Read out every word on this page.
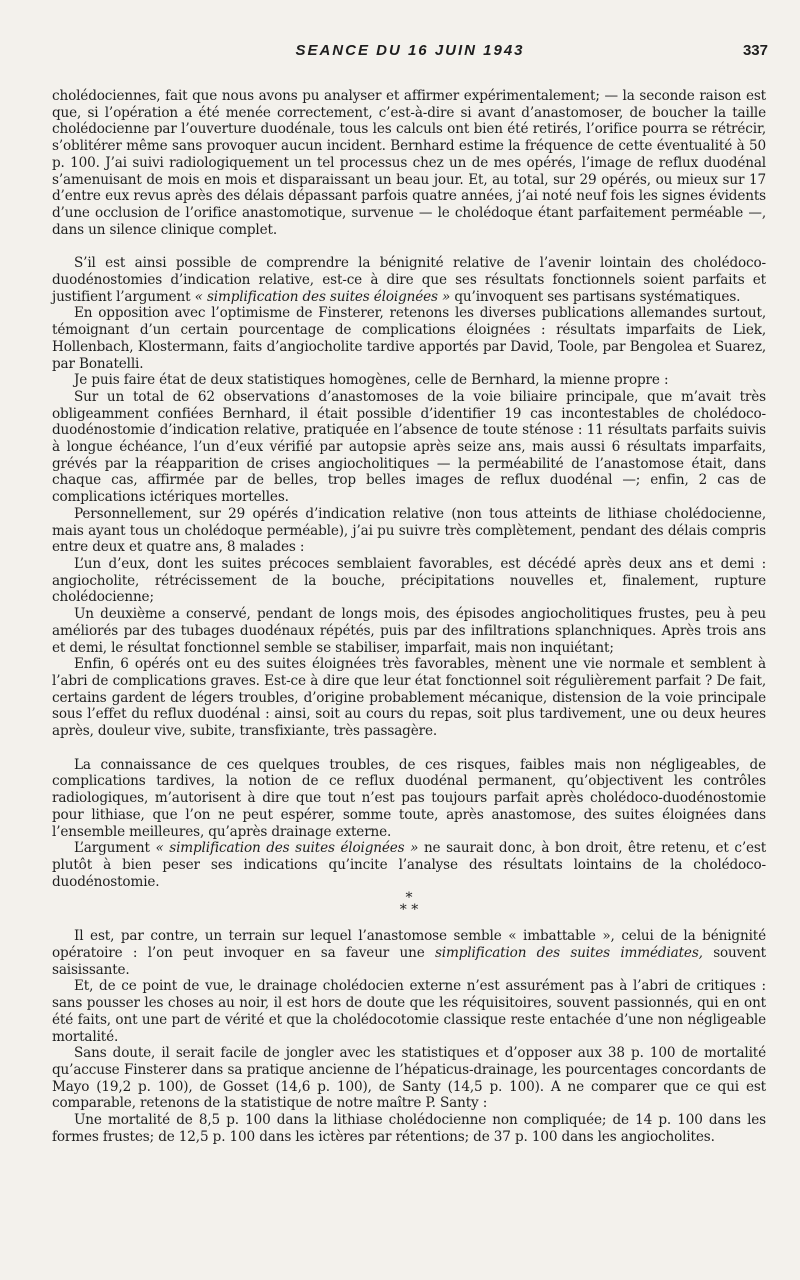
SEANCE DU 16 JUIN 1943	337

cholédociennes, fait que nous avons pu analyser et affirmer expérimentalement; — la seconde raison est que, si l’opération a été menée correctement, c’est-à-dire si avant d’anastomoser, de boucher la taille cholédocienne par l’ouverture duodénale, tous les calculs ont bien été retirés, l’orifice pourra se rétrécir, s’oblitérer même sans provoquer aucun incident. Bernhard estime la fréquence de cette éventualité à 50 p. 100. J’ai suivi radiologiquement un tel processus chez un de mes opérés, l’image de reflux duodénal s’amenuisant de mois en mois et disparaissant un beau jour. Et, au total, sur 29 opérés, ou mieux sur 17 d’entre eux revus après des délais dépassant parfois quatre années, j’ai noté neuf fois les signes évidents d’une occlusion de l’orifice anastomotique, survenue — le cholédoque étant parfaitement perméable —, dans un silence clinique complet.

S’il est ainsi possible de comprendre la bénignité relative de l’avenir lointain des cholédoco-duodénostomies d’indication relative, est-ce à dire que ses résultats fonctionnels soient parfaits et justifient l’argument « simplification des suites éloignées » qu’invoquent ses partisans systématiques.

En opposition avec l’optimisme de Finsterer, retenons les diverses publications allemandes surtout, témoignant d’un certain pourcentage de complications éloignées : résultats imparfaits de Liek, Hollenbach, Klostermann, faits d’angiocholite tardive apportés par David, Toole, par Bengolea et Suarez, par Bonatelli.

Je puis faire état de deux statistiques homogènes, celle de Bernhard, la mienne propre :

Sur un total de 62 observations d’anastomoses de la voie biliaire principale, que m’avait très obligeamment confiées Bernhard, il était possible d’identifier 19 cas incontestables de cholédoco-duodénostomie d’indication relative, pratiquée en l’absence de toute sténose : 11 résultats parfaits suivis à longue échéance, l’un d’eux vérifié par autopsie après seize ans, mais aussi 6 résultats imparfaits, grévés par la réapparition de crises angiocholitiques — la perméabilité de l’anastomose était, dans chaque cas, affirmée par de belles, trop belles images de reflux duodénal —; enfin, 2 cas de complications ictériques mortelles.

Personnellement, sur 29 opérés d’indication relative (non tous atteints de lithiase cholédocienne, mais ayant tous un cholédoque perméable), j’ai pu suivre très complètement, pendant des délais compris entre deux et quatre ans, 8 malades :

L’un d’eux, dont les suites précoces semblaient favorables, est décédé après deux ans et demi : angiocholite, rétrécissement de la bouche, précipitations nouvelles et, finalement, rupture cholédocienne;

Un deuxième a conservé, pendant de longs mois, des épisodes angiocholitiques frustes, peu à peu améliorés par des tubages duodénaux répétés, puis par des infiltrations splanchniques. Après trois ans et demi, le résultat fonctionnel semble se stabiliser, imparfait, mais non inquiétant;

Enfin, 6 opérés ont eu des suites éloignées très favorables, mènent une vie normale et semblent à l’abri de complications graves. Est-ce à dire que leur état fonctionnel soit régulièrement parfait ? De fait, certains gardent de légers troubles, d’origine probablement mécanique, distension de la voie principale sous l’effet du reflux duodénal : ainsi, soit au cours du repas, soit plus tardivement, une ou deux heures après, douleur vive, subite, transfixiante, très passagère.

La connaissance de ces quelques troubles, de ces risques, faibles mais non négligeables, de complications tardives, la notion de ce reflux duodénal permanent, qu’objectivent les contrôles radiologiques, m’autorisent à dire que tout n’est pas toujours parfait après cholédoco-duodénostomie pour lithiase, que l’on ne peut espérer, somme toute, après anastomose, des suites éloignées dans l’ensemble meilleures, qu’après drainage externe.

L’argument « simplification des suites éloignées » ne saurait donc, à bon droit, être retenu, et c’est plutôt à bien peser ses indications qu’incite l’analyse des résultats lointains de la cholédoco-duodénostomie.

*
* *

Il est, par contre, un terrain sur lequel l’anastomose semble « imbattable », celui de la bénignité opératoire : l’on peut invoquer en sa faveur une simplification des suites immédiates, souvent saisissante.

Et, de ce point de vue, le drainage cholédocien externe n’est assurément pas à l’abri de critiques : sans pousser les choses au noir, il est hors de doute que les réquisitoires, souvent passionnés, qui en ont été faits, ont une part de vérité et que la cholédocotomie classique reste entachée d’une non négligeable mortalité.

Sans doute, il serait facile de jongler avec les statistiques et d’opposer aux 38 p. 100 de mortalité qu’accuse Finsterer dans sa pratique ancienne de l’hépaticus-drainage, les pourcentages concordants de Mayo (19,2 p. 100), de Gosset (14,6 p. 100), de Santy (14,5 p. 100). A ne comparer que ce qui est comparable, retenons de la statistique de notre maître P. Santy :

Une mortalité de 8,5 p. 100 dans la lithiase cholédocienne non compliquée; de 14 p. 100 dans les formes frustes; de 12,5 p. 100 dans les ictères par rétentions; de 37 p. 100 dans les angiocholites.
